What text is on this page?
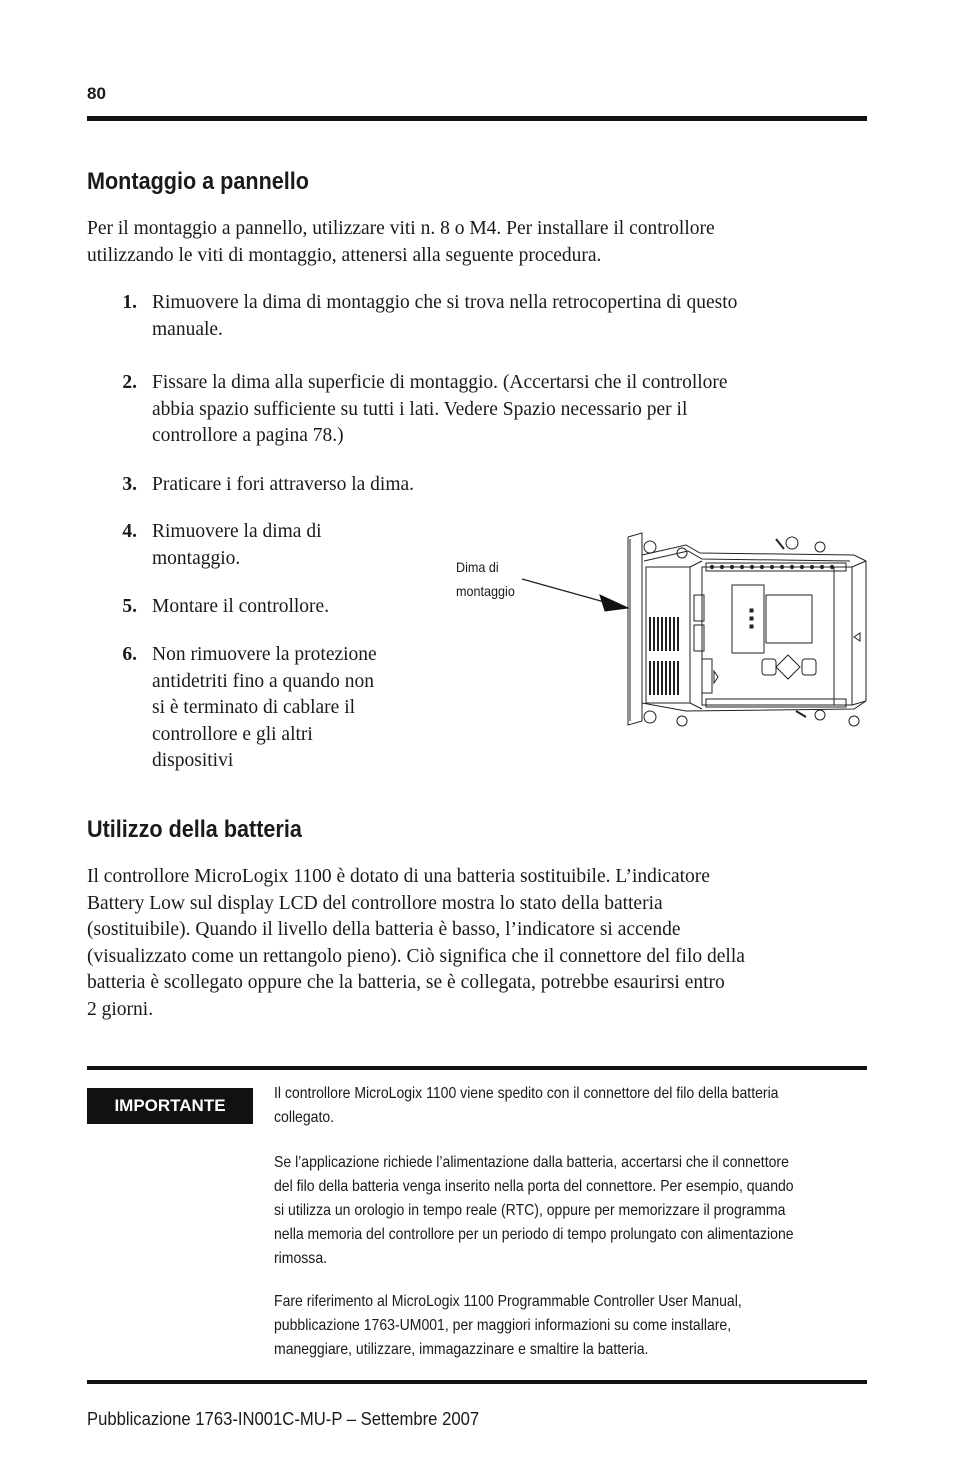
80
Montaggio a pannello
Per il montaggio a pannello, utilizzare viti n. 8 o M4. Per installare il controllore
utilizzando le viti di montaggio, attenersi alla seguente procedura.
1. Rimuovere la dima di montaggio che si trova nella retrocopertina di questo
manuale.
2. Fissare la dima alla superficie di montaggio. (Accertarsi che il controllore
abbia spazio sufficiente su tutti i lati. Vedere Spazio necessario per il
controllore a pagina 78.)
3. Praticare i fori attraverso la dima.
4. Rimuovere la dima di
montaggio.
5. Montare il controllore.
6. Non rimuovere la protezione
antidetriti fino a quando non
si è terminato di cablare il
controllore e gli altri
dispositivi
Dima di
montaggio
Utilizzo della batteria
Il controllore MicroLogix 1100 è dotato di una batteria sostituibile. L’indicatore
Battery Low sul display LCD del controllore mostra lo stato della batteria
(sostituibile). Quando il livello della batteria è basso, l’indicatore si accende
(visualizzato come un rettangolo pieno). Ciò significa che il connettore del filo della
batteria è scollegato oppure che la batteria, se è collegata, potrebbe esaurirsi entro
2 giorni.
IMPORTANTE
Il controllore MicroLogix 1100 viene spedito con il connettore del filo della batteria
collegato.
Se l’applicazione richiede l’alimentazione dalla batteria, accertarsi che il connettore
del filo della batteria venga inserito nella porta del connettore. Per esempio, quando
si utilizza un orologio in tempo reale (RTC), oppure per memorizzare il programma
nella memoria del controllore per un periodo di tempo prolungato con alimentazione
rimossa.
Fare riferimento al MicroLogix 1100 Programmable Controller User Manual,
pubblicazione 1763-UM001, per maggiori informazioni su come installare,
maneggiare, utilizzare, immagazzinare e smaltire la batteria.
Pubblicazione 1763-IN001C-MU-P – Settembre 2007
